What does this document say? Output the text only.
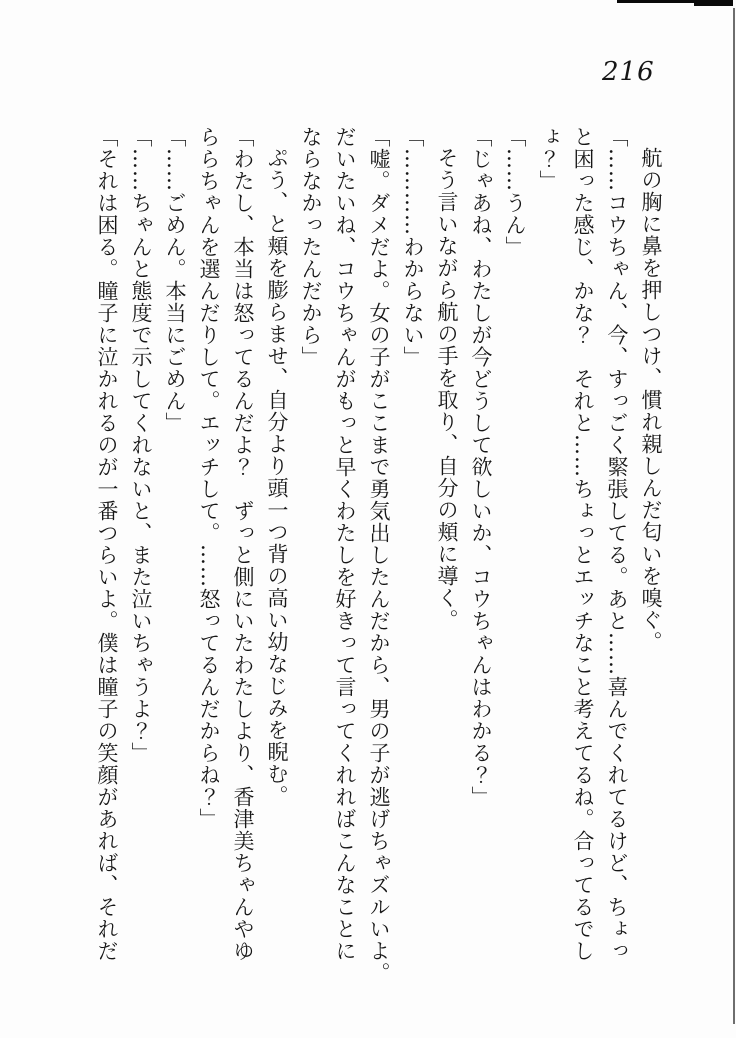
216

航の胸に鼻を押しつけ、慣れ親しんだ匂いを嗅ぐ。

「……コウちゃん、今、すっごく緊張してる。あと……喜んでくれてるけど、ちょっ

と困った感じ、かな？　それと……ちょっとエッチなこと考えてるね。合ってるでし

ょ？」

「……うん」

「じゃあね、わたしが今どうして欲しいか、コウちゃんはわかる？」

そう言いながら航の手を取り、自分の頬に導く。

「…………わからない」

「嘘。ダメだよ。女の子がここまで勇気出したんだから、男の子が逃げちゃズルいよ。

だいたいね、コウちゃんがもっと早くわたしを好きって言ってくれればこんなことに

ならなかったんだから」

ぷう、と頬を膨らませ、自分より頭一つ背の高い幼なじみを睨む。

「わたし、本当は怒ってるんだよ？　ずっと側にいたわたしより、香津美ちゃんやゆ

ららちゃんを選んだりして。エッチして。……怒ってるんだからね？」

「……ごめん。本当にごめん」

「……ちゃんと態度で示してくれないと、また泣いちゃうよ？」

「それは困る。瞳子に泣かれるのが一番つらいよ。僕は瞳子の笑顔があれば、それだ
